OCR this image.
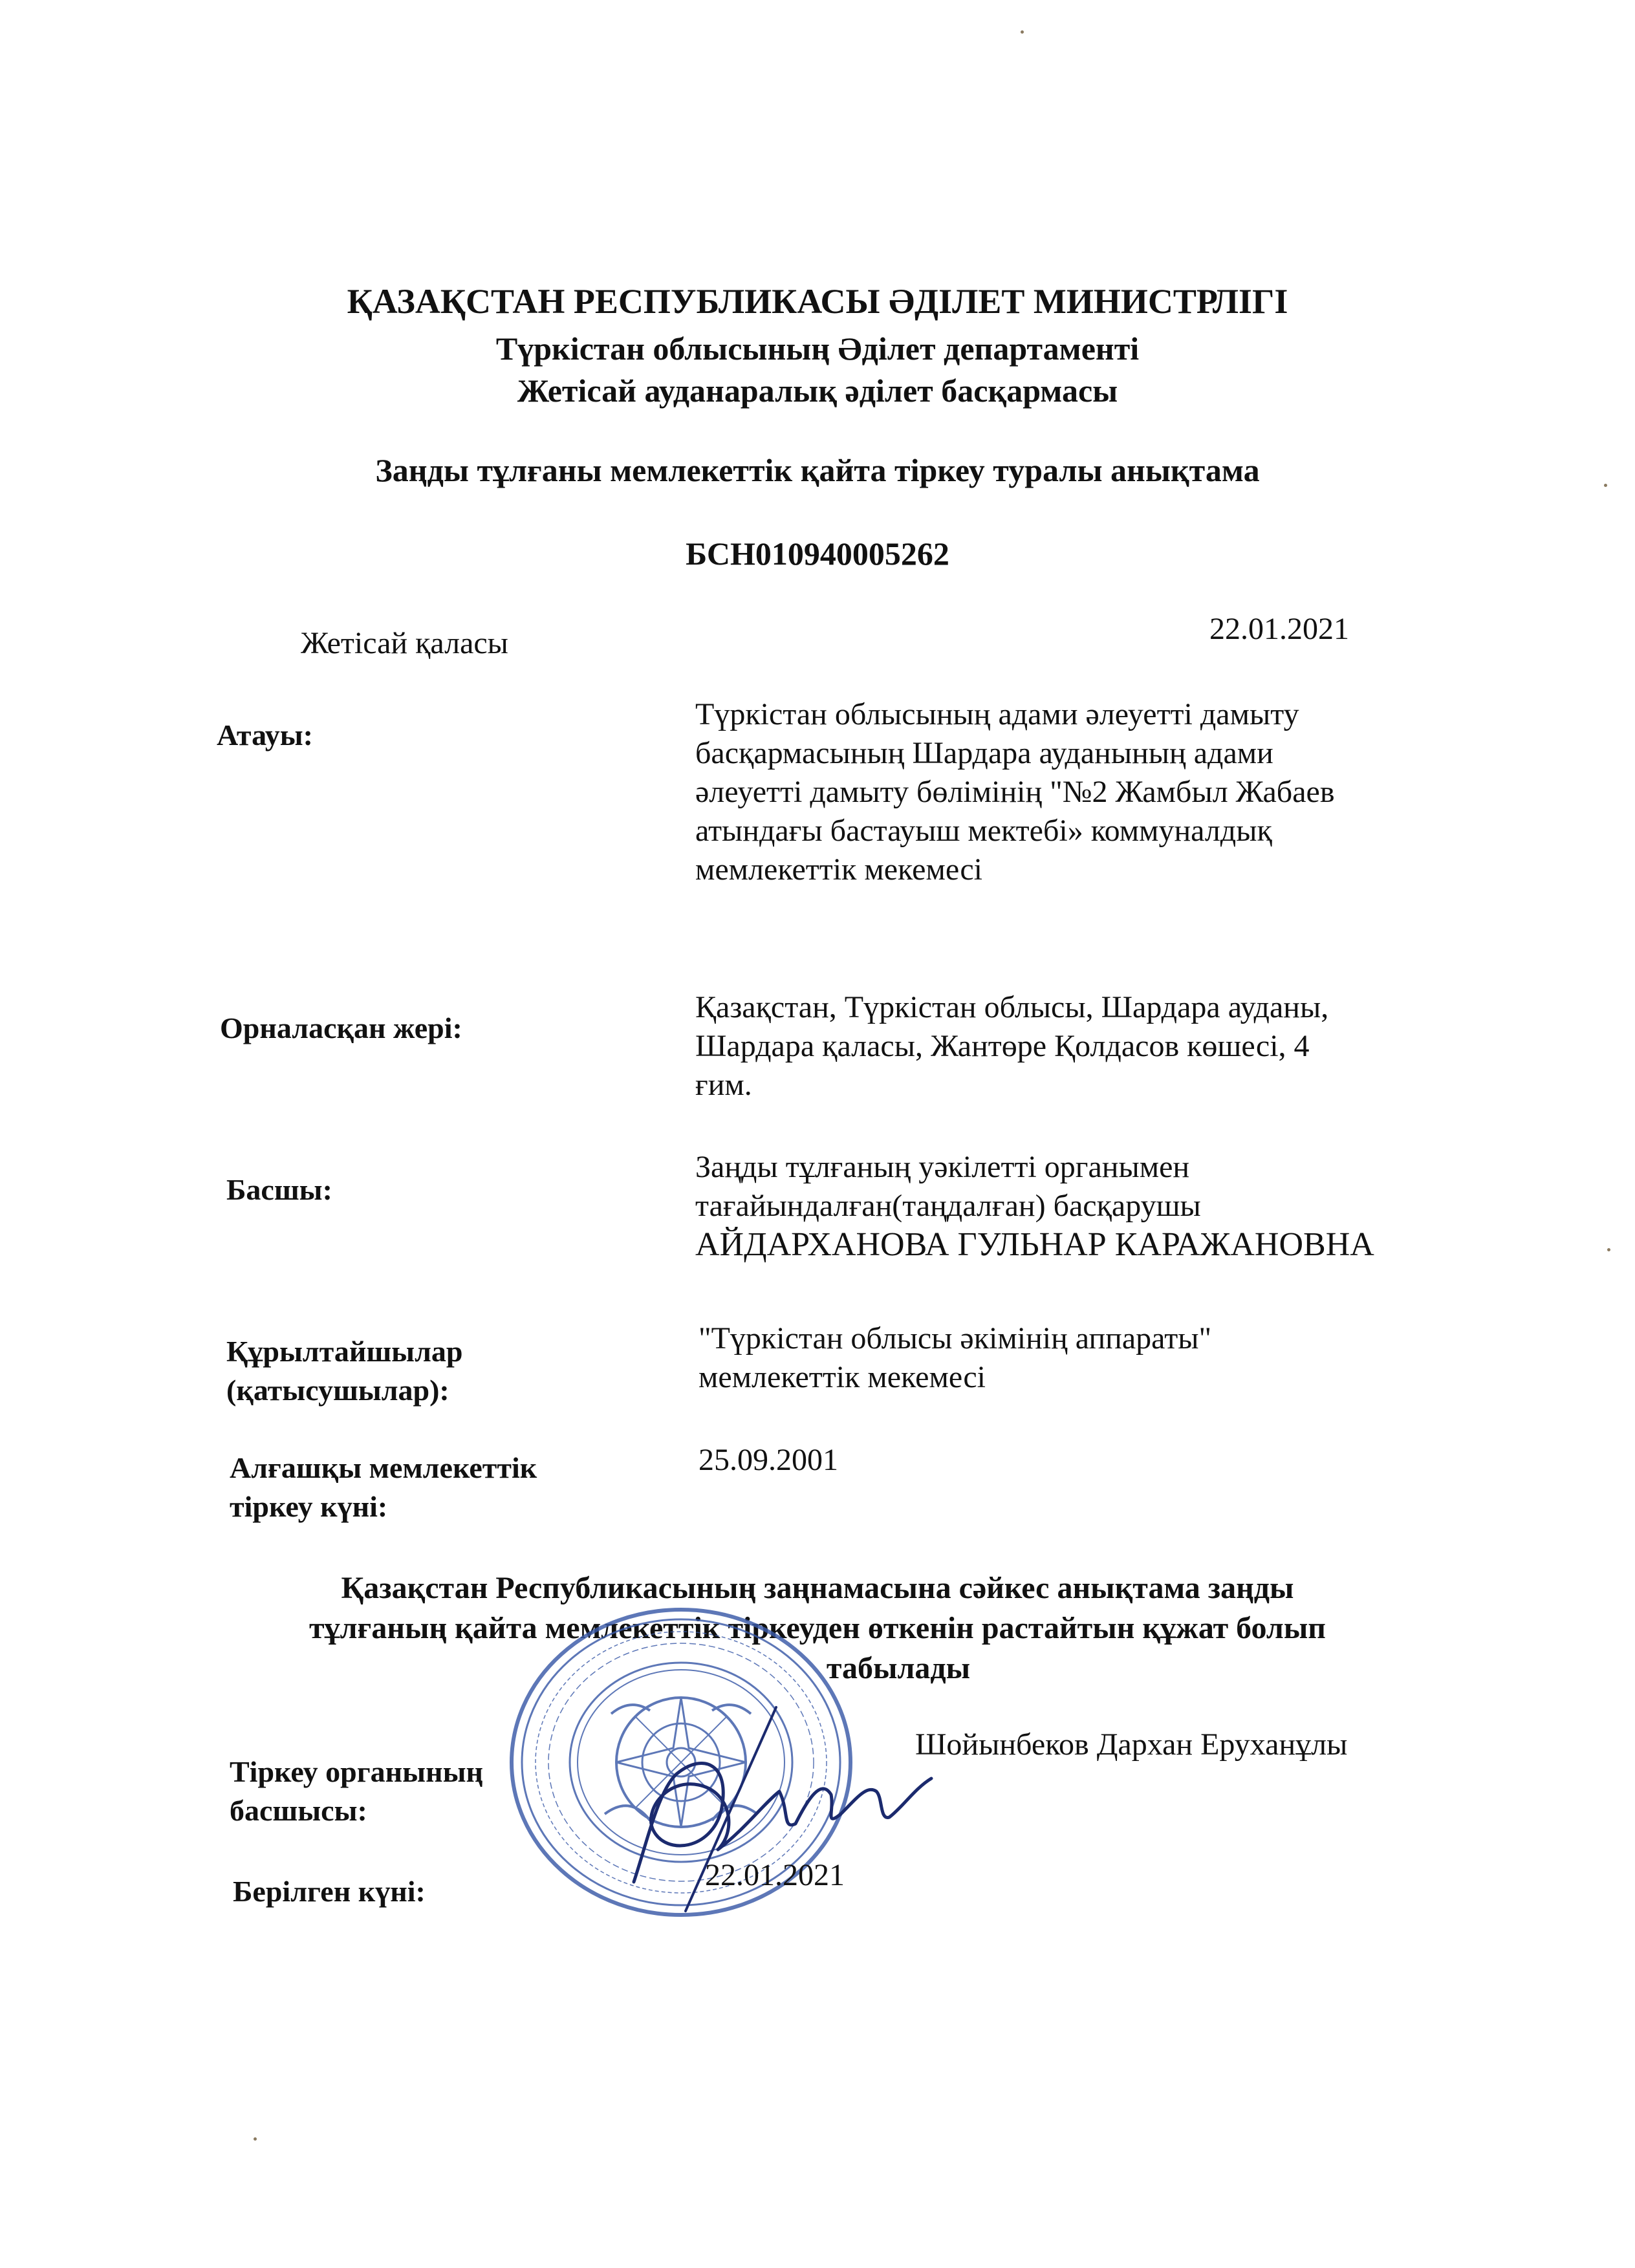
ҚАЗАҚСТАН РЕСПУБЛИКАСЫ ӘДІЛЕТ МИНИСТРЛІГІ
Түркістан облысының Әділет департаменті
Жетісай ауданаралық әділет басқармасы
Заңды тұлғаны мемлекеттік қайта тіркеу туралы анықтама
БСН010940005262
Жетісай қаласы	22.01.2021
Атауы:
Түркістан облысының адами әлеуетті дамыту
басқармасының Шардара ауданының адами
әлеуетті дамыту бөлімінің "№2 Жамбыл Жабаев
атындағы бастауыш мектебі» коммуналдық
мемлекеттік мекемесі
Орналасқан жері:
Қазақстан, Түркістан облысы, Шардара ауданы,
Шардара қаласы, Жантөре Қолдасов көшесі, 4
ғим.
Басшы:
Заңды тұлғаның уәкілетті органымен
тағайындалған(таңдалған) басқарушы
АЙДАРХАНОВА ГУЛЬНАР КАРАЖАНОВНА
Құрылтайшылар
(қатысушылар):
"Түркістан облысы әкімінің аппараты"
мемлекеттік мекемесі
Алғашқы мемлекеттік
тіркеу күні:
25.09.2001
Қазақстан Республикасының заңнамасына сәйкес анықтама заңды
тұлғаның қайта мемлекеттік тіркеуден өткенін растайтын құжат болып
табылады
Тіркеу органының
басшысы:
Шойынбеков Дархан Еруханұлы
Берілген күні:	22.01.2021
